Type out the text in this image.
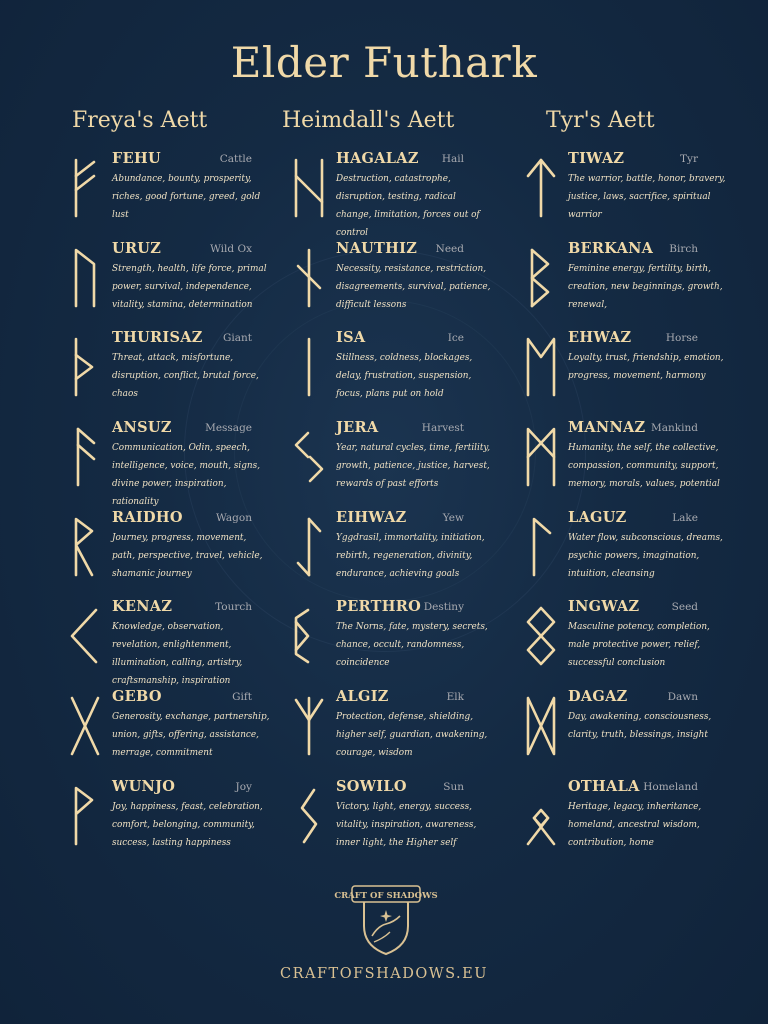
Elder Futhark
Freya's Aett
FEHU	Cattle
Abundance, bounty, prosperity, riches, good fortune, greed, gold lust
URUZ	Wild Ox
Strength, health, life force, primal power, survival, independence, vitality, stamina, determination
THURISAZ Giant
Threat, attack, misfortune, disruption, conflict, brutal force, chaos
ANSUZ	Message
Communication, Odin, speech, intelligence, voice, mouth, signs, divine power, inspiration, rationality
RAIDHO	Wagon
Journey, progress, movement, path, perspective, travel, vehicle, shamanic journey
KENAZ	Tourch
Knowledge, observation, revelation, enlightenment, illumination, calling, artistry, craftsmanship, inspiration
GEBO	Gift
Generosity, exchange, partnership, union, gifts, offering, assistance, merrage, commitment
WUNJO	Joy
Joy, happiness, feast, celebration, comfort, belonging, community, success, lasting happiness
Heimdall's Aett
HAGALAZ Hail
Destruction, catastrophe, disruption, testing, radical change, limitation, forces out of control
NAUTHIZ Need
Necessity, resistance, restriction, disagreements, survival, patience, difficult lessons
ISA	Ice
Stillness, coldness, blockages, delay, frustration, suspension, focus, plans put on hold
JERA	Harvest
Year, natural cycles, time, fertility, growth, patience, justice, harvest, rewards of past efforts
EIHWAZ	Yew
Yggdrasil, immortality, initiation, rebirth, regeneration, divinity, endurance, achieving goals
PERTHRO Destiny
The Norns, fate, mystery, secrets, chance, occult, randomness, coincidence
ALGIZ	Elk
Protection, defense, shielding, higher self, guardian, awakening, courage, wisdom
SOWILO	Sun
Victory, light, energy, success, vitality, inspiration, awareness, inner light, the Higher self
Tyr's Aett
TIWAZ	Tyr
The warrior, battle, honor, bravery, justice, laws, sacrifice, spiritual warrior
BERKANA Birch
Feminine energy, fertility, birth, creation, new beginnings, growth, renewal,
EHWAZ	Horse
Loyalty, trust, friendship, emotion, progress, movement, harmony
MANNAZ Mankind
Humanity, the self, the collective, compassion, community, support, memory, morals, values, potential
LAGUZ	Lake
Water flow, subconscious, dreams, psychic powers, imagination, intuition, cleansing
INGWAZ	Seed
Masculine potency, completion, male protective power, relief, successful conclusion
DAGAZ	Dawn
Day, awakening, consciousness, clarity, truth, blessings, insight
OTHALA Homeland
Heritage, legacy, inheritance, homeland, ancestral wisdom, contribution, home
CRAFT OF SHADOWS
CRAFTOFSHADOWS.EU
